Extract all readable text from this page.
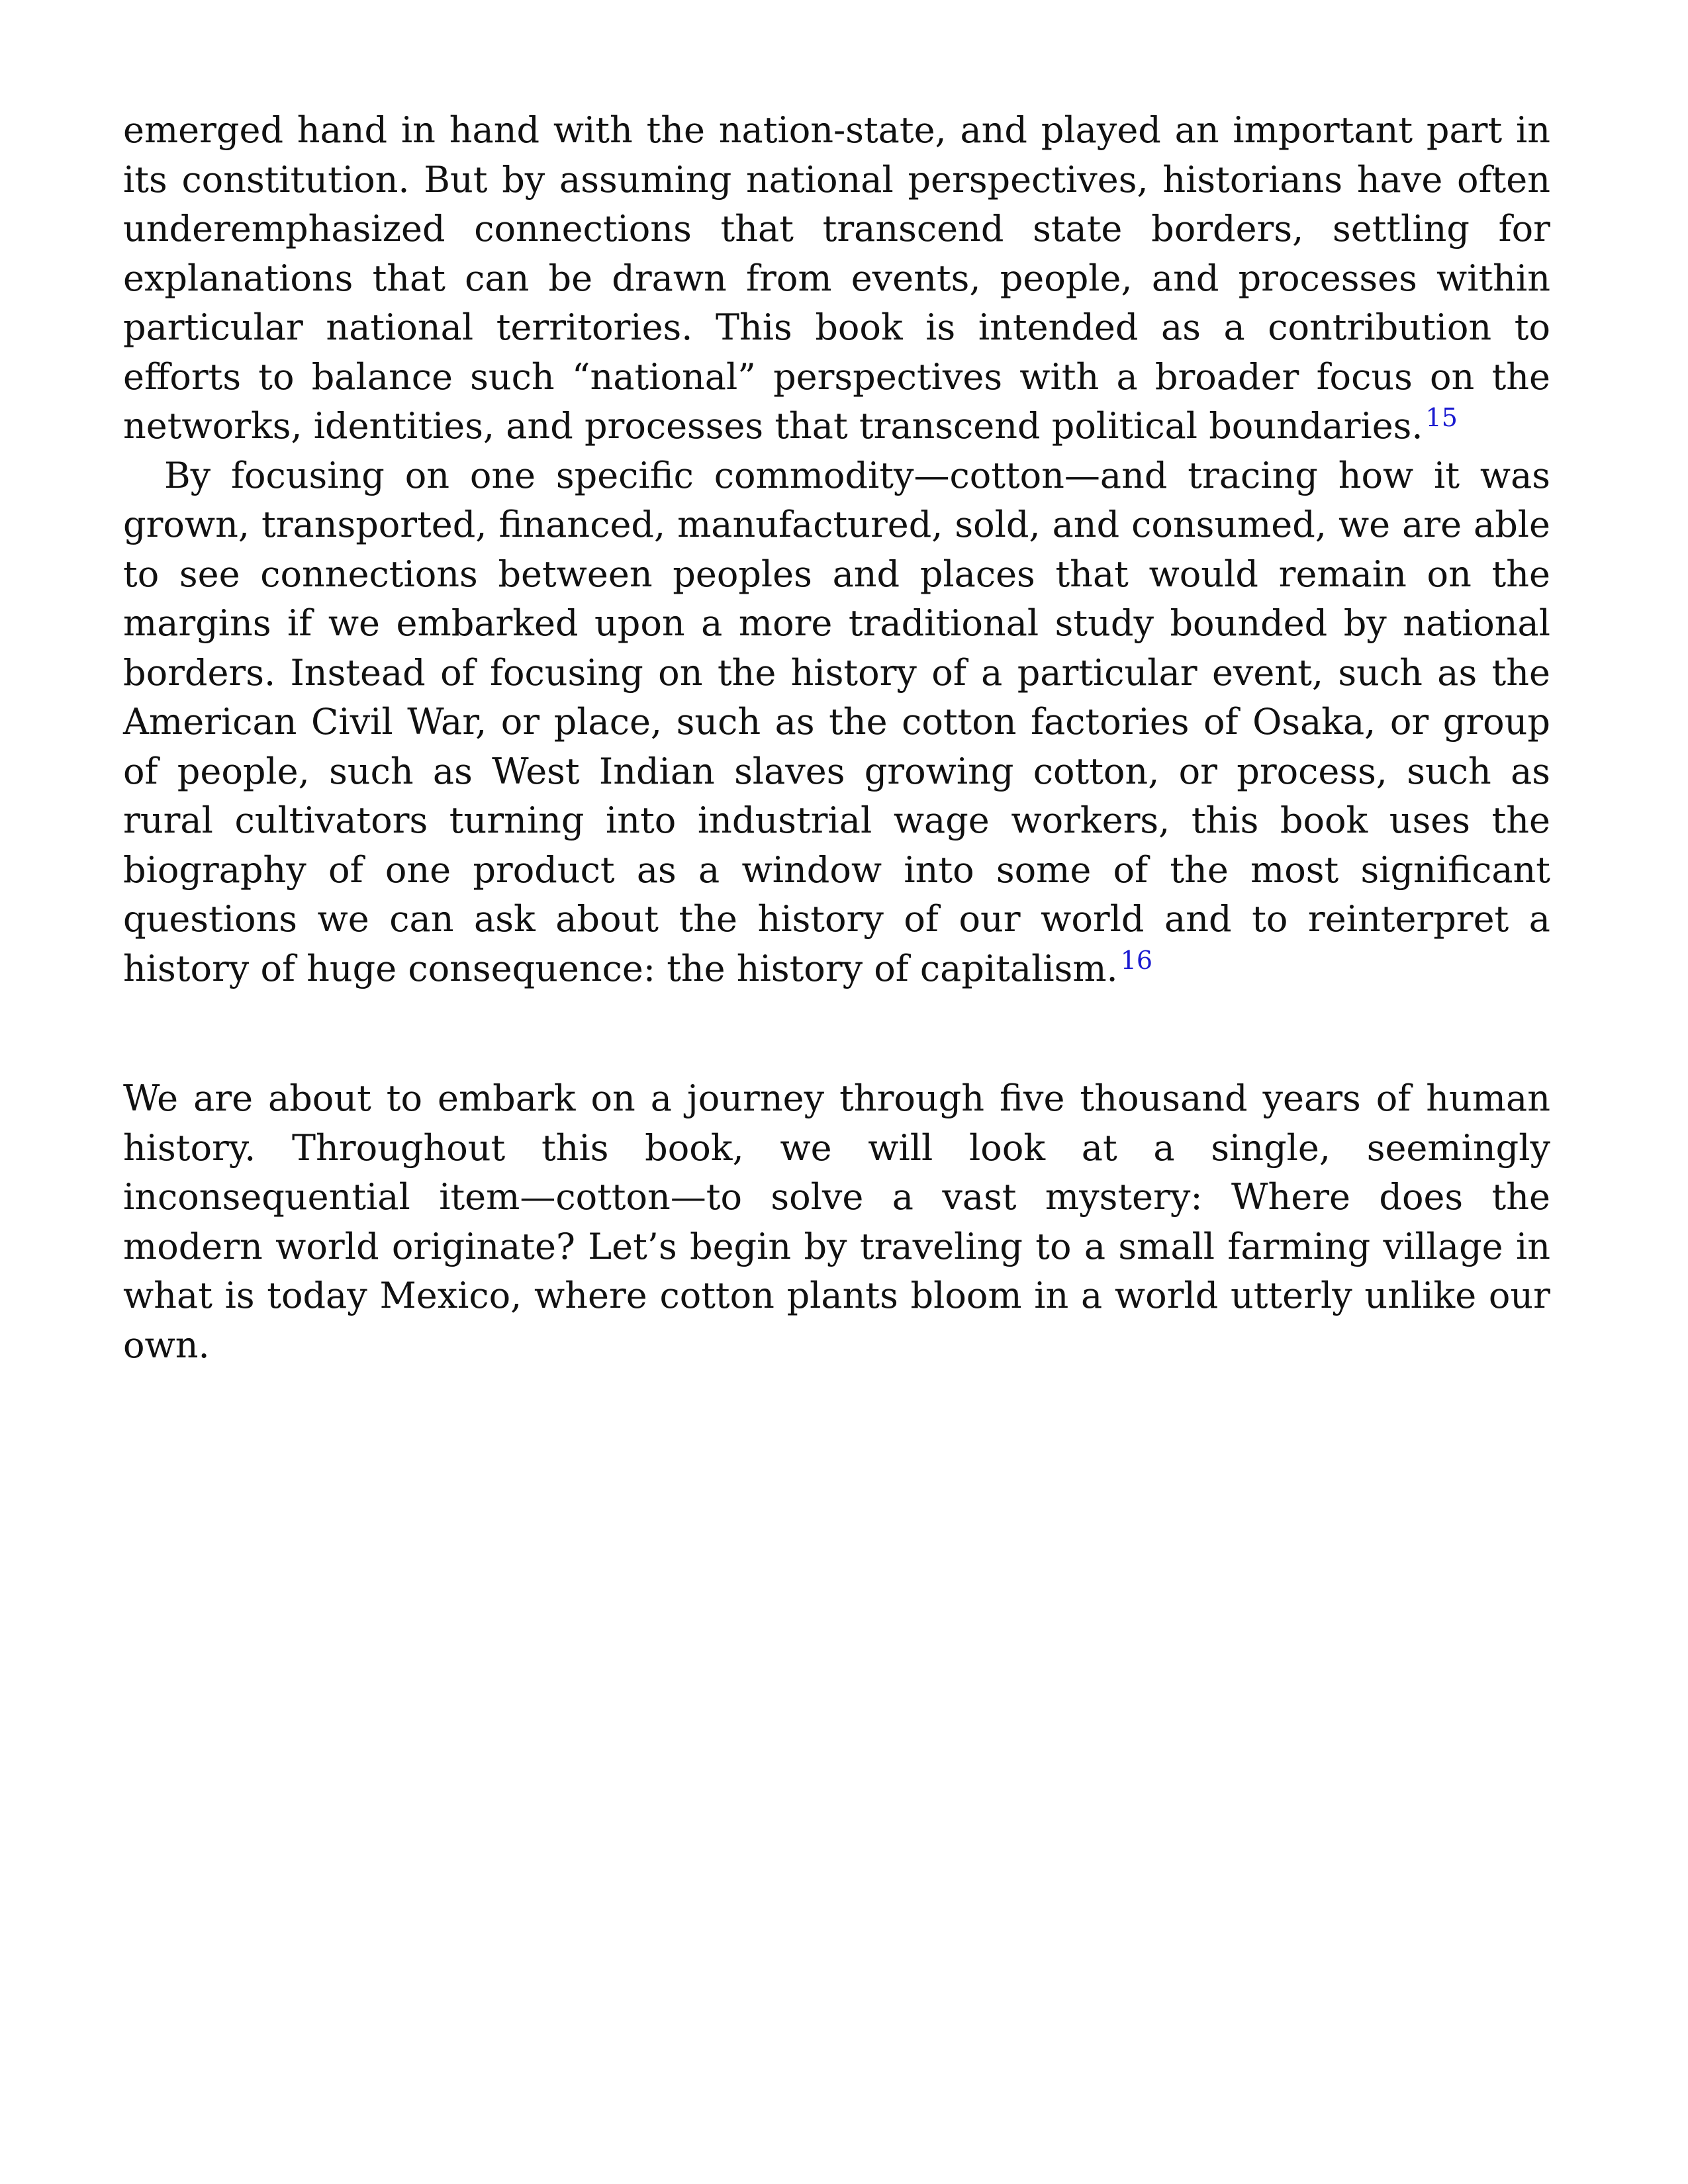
emerged hand in hand with the nation-state, and played an important part in its constitution. But by assuming national perspectives, historians have often underemphasized connections that transcend state borders, settling for explanations that can be drawn from events, people, and processes within particular national territories. This book is intended as a contribution to efforts to balance such “national” perspectives with a broader focus on the networks, identities, and processes that transcend political boundaries. $^{15}$

By focusing on one specific commodity—cotton—and tracing how it was grown, transported, financed, manufactured, sold, and consumed, we are able to see connections between peoples and places that would remain on the margins if we embarked upon a more traditional study bounded by national borders. Instead of focusing on the history of a particular event, such as the American Civil War, or place, such as the cotton factories of Osaka, or group of people, such as West Indian slaves growing cotton, or process, such as rural cultivators turning into industrial wage workers, this book uses the biography of one product as a window into some of the most significant questions we can ask about the history of our world and to reinterpret a history of huge consequence: the history of capitalism. $^{16}$

We are about to embark on a journey through five thousand years of human history. Throughout this book, we will look at a single, seemingly inconsequential item—cotton—to solve a vast mystery: Where does the modern world originate? Let’s begin by traveling to a small farming village in what is today Mexico, where cotton plants bloom in a world utterly unlike our own.
